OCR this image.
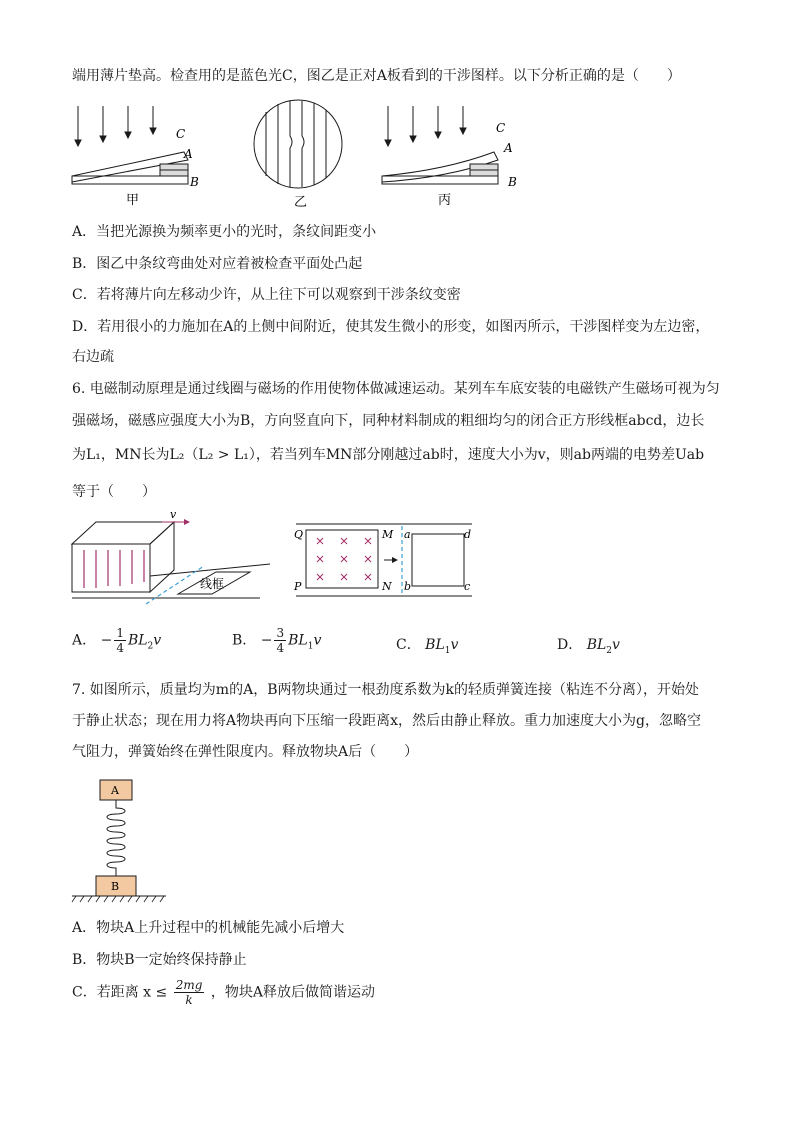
端用薄片垫高。检查用的是蓝色光C，图乙是正对A板看到的干涉图样。以下分析正确的是（　　）
C
A
B
甲	乙
C
A
B
丙
A．当把光源换为频率更小的光时，条纹间距变小
B．图乙中条纹弯曲处对应着被检查平面处凸起
C．若将薄片向左移动少许，从上往下可以观察到干涉条纹变密
D．若用很小的力施加在A的上侧中间附近，使其发生微小的形变，如图丙所示，干涉图样变为左边密，
右边疏
6. 电磁制动原理是通过线圈与磁场的作用使物体做减速运动。某列车车底安装的电磁铁产生磁场可视为匀
强磁场，磁感应强度大小为B，方向竖直向下，同种材料制成的粗细均匀的闭合正方形线框abcd，边长
为L₁，MN长为L₂（L₂ > L₁），若当列车MN部分刚越过ab时，速度大小为v，则ab两端的电势差Uab
等于（　　）
v
线框
Q
P
M
N
a
b	c
d
A． − $\frac{1}{4} BL_2v$	B． − $\frac{3}{4} BL_1v$	C． $BL_1v$	D． $BL_2v$
7. 如图所示，质量均为m的A，B两物块通过一根劲度系数为k的轻质弹簧连接（粘连不分离），开始处
于静止状态；现在用力将A物块再向下压缩一段距离x，然后由静止释放。重力加速度大小为g，忽略空
气阻力，弹簧始终在弹性限度内。释放物块A后（　　）
A
B
A．物块A上升过程中的机械能先减小后增大
B．物块B一定始终保持静止
C．若距离 $x \le \frac{2mg}{k}$ ，物块A释放后做简谐运动
